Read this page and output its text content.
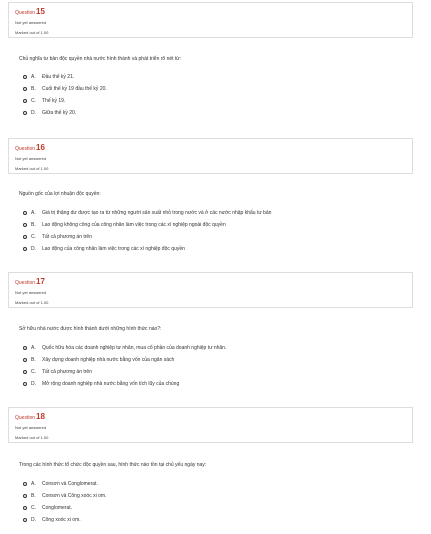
Question15
Not yet answered
Marked out of 1.00
Chủ nghĩa tư bản độc quyền nhà nước hình thành và phát triển rõ nét từ:
A.	Đầu thế kỷ 21.
B.	Cuối thế kỷ 19 đầu thế kỷ 20.
C.	Thế kỷ 19.
D.	Giữa thế kỷ 20.
Question16
Not yet answered
Marked out of 1.00
Nguồn gốc của lợi nhuận độc quyền:
A.	Giá trị thặng dư được tạo ra từ những người sản xuất nhỏ trong nước và ở các nước nhập khẩu tư bản
B.	Lao động không công của công nhân làm việc trong các xí nghiệp ngoài độc quyền
C.	Tất cả phương án trên
D.	Lao động của công nhân làm việc trong các xí nghiệp độc quyền
Question17
Not yet answered
Marked out of 1.00
Sở hữu nhà nước được hình thành dưới những hình thức nào?:
A.	Quốc hữu hóa các doanh nghiệp tư nhân, mua cổ phần của doanh nghiệp tư nhân.
B.	Xây dựng doanh nghiệp nhà nước bằng vốn của ngân sách
C.	Tất cả phương án trên
D.	Mở rộng doanh nghiệp nhà nước bằng vốn tích lũy của chúng
Question18
Not yet answered
Marked out of 1.00
Trong các hình thức tổ chức độc quyền sau, hình thức nào tồn tại chủ yếu ngày nay:
A.	Consơn và Conglomerat.
B.	Consơn và Công xoóc xi om.
C.	Conglomerat.
D.	Công xoóc xi om.
